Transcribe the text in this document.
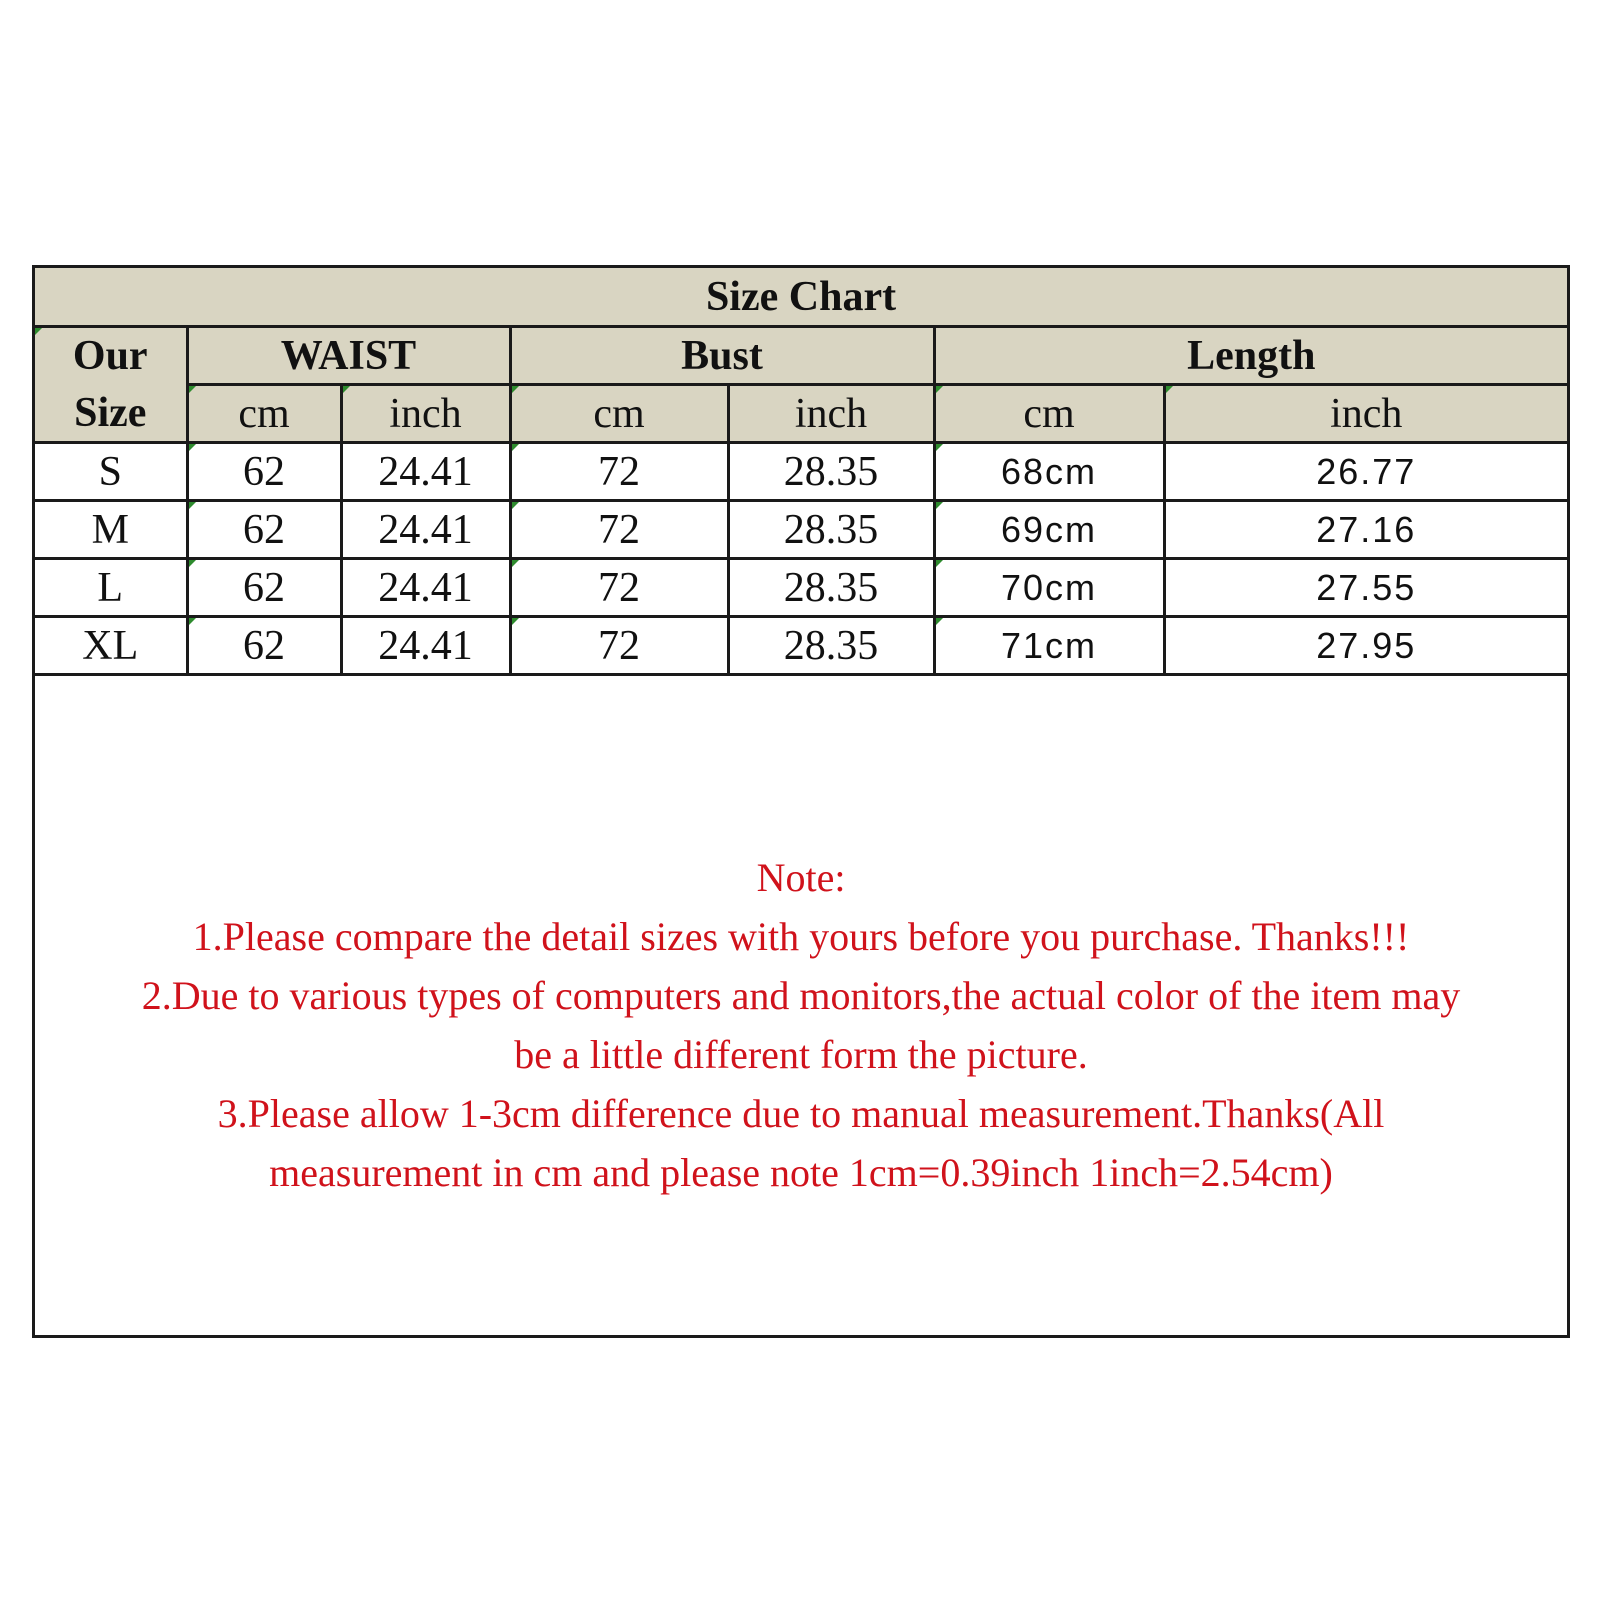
Size Chart						
Our
Size	WAIST		Bust		Length	
	cm	inch	cm	inch	cm	inch
S	62	24.41	72	28.35	68cm	26.77
M	62	24.41	72	28.35	69cm	27.16
L	62	24.41	72	28.35	70cm	27.55
XL	62	24.41	72	28.35	71cm	27.95
Note:
1.Please compare the detail sizes with yours before you purchase. Thanks!!!
2.Due to various types of computers and monitors,the actual color of the item may
be a little different form the picture.
3.Please allow 1-3cm difference due to manual measurement.Thanks(All
measurement in cm and please note 1cm=0.39inch 1inch=2.54cm)
